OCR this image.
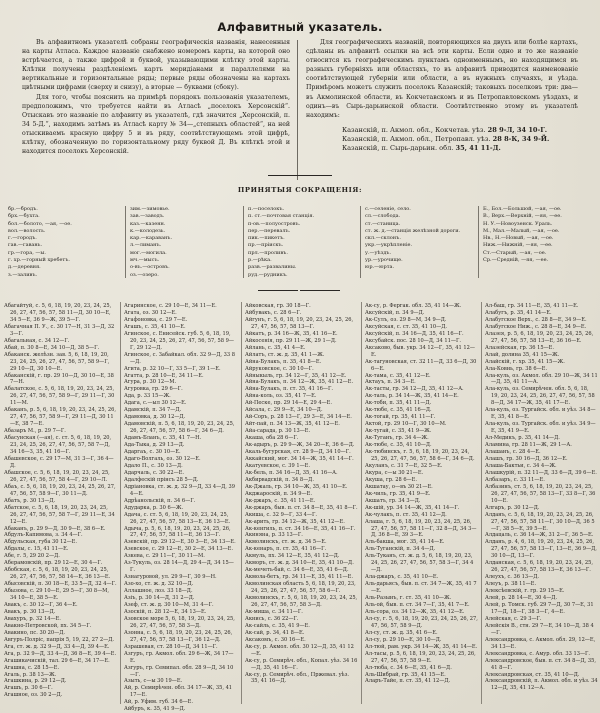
Алфавитный указатель.

Въ алфавитномъ указателѣ собраны географическія названія, нанесенныя на карты Атласа. Каждое названіе снабжено номеромъ карты, на которой оно встрѣчается, а также цифрой и буквой, указывающими клѣтку этой карты. Клѣтки получены раздѣленіемъ картъ меридіанами и параллелями на вертикальные и горизонтальные ряды; первые ряды обозначены на картахъ цвѣтными цифрами (сверху и снизу), а вторые — буквами (сбоку).

Для того, чтобы пояснить на примѣрѣ порядокъ пользованія указателемъ, предположимъ, что требуется найти въ Атласѣ „поселокъ Херсонскій“. Отыскавъ это названіе по алфавиту въ указателѣ, гдѣ значится „Херсонскій, п. 34 5-Д.“, находимъ затѣмъ въ Атласѣ карту № 34—„степныхъ областей“, на ней отыскиваемъ красную цифру 5 и въ ряду, соотвѣтствующемъ этой цифрѣ, клѣтку, обозначенную по горизонтальному ряду буквой Д. Въ клѣткѣ этой и находится поселокъ Херсонскій.

Для географическихъ названій, повторяющихся на двухъ или болѣе картахъ, сдѣланы въ алфавитѣ ссылки на всѣ эти карты. Если одно и то же названіе относится къ географическимъ пунктамъ одноименнымъ, но находящимся въ разныхъ губерніяхъ или областяхъ, то въ алфавитѣ приводится наименованіе соотвѣтствующей губерніи или области, а въ нужныхъ случаяхъ, и уѣзда. Примѣромъ можетъ служить поселокъ Казанскій; таковыхъ поселковъ три: два—въ Акмолинской области, въ Кокчетавскомъ и въ Петропавловскомъ уѣздахъ, и одинъ—въ Сырь-дарьинской области. Соотвѣтственно этому въ указателѣ находимъ:

Казанскій, п. Акмол. обл., Кокчетав. уѣз. 28 9-Л, 34 10-Г.
Казанскій, п. Акмол. обл., Петропавл. уѣз. 28 8-К, 34 9-Й.
Казанскій, п. Сырь-дарьин. обл. 35, 41 11-Д.
ПРИНЯТЫЯ СОКРАЩЕНІЯ:
бр.—бродъ.
брх.—бухта.
бол.—болото, —ая, —ое.
вол.—волость.
г.—городъ.
гав.—гавань.
гр.—гора, —ы.
г. хр.—горный хребетъ.
д.—деревня.
з.—заливъ.
зим.—зимовье.
зав.—заводъ.
каз.—казенн.
к.—колодезь.
кар.—караванъ.
л.—лиманъ.
мог.—могила.
мч.—мысъ.
о-въ.—островъ.
оз.—озеро.
п.—поселокъ.
п. ст.—почтовая станція.
п-ов.—полуостровъ.
пер.—перевалъ.
пик.—пикетъ.
пр.—пріискъ.
прл.—проливъ.
р.—рѣка.
разв.—развалины.
руд.—рудникъ.
с.—селеніе, село.
сл.—слобода.
ст.—станица.
ст. ж. д.—станція желѣзной дороги.
скл.—склонъ.
укр.—укрѣпленіе.
у.—уѣздъ.
ур.—урочище.
юр.—юрта.
Б., Бол.—Большой, —ая, —ое.
В., Верх.—Верхній, —яя, —ее.
Н. У.—Новоузенск. Ураль.
М., Мал.—Малый, —ая, —ое.
Нв., Н.—Новый, —ая, —ое.
Ниж.—Нижній, —яя, —ее.
Ст.—Старый, —ая, —ое.
Ср.—Средній, —яя, —ее.
Абагайтуй, с. 5, 6, 18, 19, 20, 23, 24, 25, 26, 27, 47, 56, 57, 58 11—Д, 30 10—Е, 34 5—Е, 36 9—Ж, 39 5—Г.
Абагачная П. У., с. 30 17—Н, 31 3—Д, 32 3—Г.
Абагальная, с. 34 12—Г.
Абай, п. 30 8—Е, 34 10—Д, 38 5—Г.
Абаканск. желѣзн. зав. 5, 6, 18, 19, 20, 23, 24, 25, 26, 27, 47, 56, 57, 58 9—Г, 29 10—Д, 30 10—Е.
Абаканскій, г. пр. 29 10—Д, 30 10—Е, 38 7—Н.
Абалатское, с. 5, 6, 18, 19, 20, 23, 24, 25, 26, 27, 47, 56, 57, 58 9—Г, 29 11—Г, 30 11—М.
Абаканъ, р. 5, 6, 18, 19, 20, 23, 24, 25, 26, 27, 47, 56, 57, 58 9—Г, 29 11—Д, 30 11—Е, 38 7—Е.
Абазаръ М., р. 29 7—Г.
Абасунская (—ая), с. ст. 5, 6, 18, 19, 20, 23, 24, 25, 26, 27, 47, 56, 57, 58 7—Д, 34 16—З, 35, 41 16—Г.
Абашевское, с. 29 17—М, 31 3—Г, 36 4—Д.
Абашское, с. 5, 6, 18, 19, 20, 23, 24, 25, 26, 27, 47, 56, 57, 58 4—Г, 29 10—Л.
Абаъ, с. 5, 6, 18, 19, 20, 23, 24, 25, 26, 27, 47, 56, 57, 58 9—Г, 30 11—Д.
Абатъ, р. 30 13—Д.
Абатское, с. 5, 6, 18, 19, 20, 23, 24, 25, 26, 27, 47, 56, 57, 58 7—Г, 29 11—Е, 34 12—Е.
Абаканъ, р. 29 9—Д, 30 9—Е, 38 6—Е.
Абдулъ-Капимова, з. 34 4—Г.
Абдульская, губа 30 12—Е.
Абдалы, с. 15, 41 11—Е.
Абе, г. 5, 29 20 2—Д.
Аберамовскій, пр. 29 12—Е, 30 4—Г.
Абобская, с. 5, 6, 18, 19, 20, 23, 24, 25, 26, 27, 47, 56, 57, 58 14—Е, 36 13—Е.
Абысовскій, п. 30 18—Е, 33 5—Д, 32 4—Г.
Абызова, с. 29 10—Е, 29 5—Г, 30 8—М, 34 10—Е, 38 5—Е.
Авакъ, с. 30 12—Г, 36 4—Е.
Авакъ, р. 30 13—Д.
Авахуръ, р. 32 14—Е.
Авакно-Петровской, пх. 34 5—Г.
Авакино, пс. 30 20—Д.
Авгуръ-Полріс, папрія 5, 19, 22, 27 2—Д.
Ага, ст. ж. д. 32 9—Д, 33 4—Д, 39 4—Е.
Ага, р. 32 9—Д, 33 4—Д, 36 8—Е, 39 4—Е.
Агашикачискій, тал. 29 6—Е, 34 17—Е.
Агашна, с. 28 15—Е.
Агаль, р. 38 13—Ж.
Агашкина, р. 29 12—Д.
Агашъ, р. 30 6—Г.
Агашное, оз. 30 2—Д.
Агаринское, с. 29 10—Е, 34 11—Е.
Агата, оз. 30 12—Е.
Агафоновка, с. 29 7—Е.
Агашъ, с. 35, 41 10—Е.
Агинское, с. Енисейск. губ. 5, 6, 18, 19, 20, 23, 24, 25, 26, 27, 47, 56, 57, 58 9—Г, 29 12—Д.
Агинское, с. Забайкал. обл. 32 9—Д, 33 8—Д.
Агита, р. 32 10—Г, 33 5—Г, 39 1—Е.
Агатта, р. 28 10—Е, 34 11—Е.
Агура, р. 30 12—М.
Агуровка, гр. 29 6—Г.
Ада, р. 33 15—Ж.
Адага, с.—ыл 30 12—Е.
Адамскій, п. 34 7—Д.
Адамовка, д. 30 12—Д.
Адамовскій, п. 5, 6, 18, 19, 20, 23, 24, 25, 26, 27, 47, 56, 57, 58 6—Г, 34 6—Д.
Адамъ-Бланъ, с. 35, 41 7—Н.
Ада-Тыка, д. 29 13—Д.
Адаргаъ, с. 30 10—Е.
Адаго-Волгаль, оз. 30 12—Е.
Адало П., с. 30 13—Д.
Адарчаль, с. 30 22—Е.
Адалфескій прінсъ 28 5—Д.
Адріановка, ст. ж. д. 32 9—Д, 33 4—Д, 39 4—Е.
Адрѣанольскій, п. 34 6—Г.
Адударка, р. 30 6—Ж.
Адача, с. ст. 5, 6, 18, 19, 20, 23, 24, 25, 26, 27, 47, 56, 57, 58 13—Е, 36 13—Е.
Адыча, р. 5, 6, 18, 19, 20, 23, 24, 25, 26, 27, 47, 56, 57, 58 11—Е, 36 13—Г.
Азевскій, пр. 29 12—Е, 30 3—Е, 34 13—Е.
Азевское, с. 29 12—Е, 30 2—Е, 34 13—Е.
Азкева, с. 29 11—Г, 30 11—М.
Аз-Тукуль, оз. 28 14—Д, 29 4—Д, 34 15—Г.
Азнагуровой, ул. 29 9—Г, 30 9—Н.
Азо-хо, ст. ж. д. 32 10—Д.
Аллашное, лоз. 33 18—Д.
Азіъ, р. 30 14—Д, 31 2—Д.
Азеф, ст. ж. д. 30 10—М, 31 4—Г.
Азоскій, п. 28 12—Е, 34 13—Е.
Азовское море 5, 6, 18, 19, 20, 23, 24, 25, 26, 27, 47, 56, 57, 58 3—Д.
Азонна, с. 5, 6, 18, 19, 20, 23, 24, 25, 26, 27, 47, 56, 57, 58 13—Г, 36 12—Д.
Азрашевая, ст. 28 10—Д, 34 11—Г.
Азгуръ, гр. Акмол. обл. 29 6—Ж, 34 17—Е.
Азгуръ, гр. Семипал. обл. 28 9—Д, 34 10—Г.
Азыть, с—ы 30 19—Е.
Ай, р. Семирѣчен. обл. 34 17—Ж, 35, 41 17—Е.
Ай, р. Уфим. губ. 34 6—Е.
Айбуръ, к. 35, 41 9—Д.
Айковская, гр. 30 18—Г.
Айбувакъ, с. 28 6—Г.
Айгунъ, г. 5, 6, 18, 19, 20, 23, 24, 25, 26, 27, 47, 56, 57, 58 13—Г.
Айкатъ, р. 34 16—Ж, 35, 41 16—Е.
Айкосенія, пр. 29 11—Ж, 29 1—Д.
Айлань, с. 35, 41 4—Е.
Айлатъ, ст. ж. д. 35, 41 1—Ж.
Айна-Булакъ, п. 35, 41 8—Е.
Айруковское, с. 30 10—Г.
Айныкыль, гр. 34 12—Г, 35, 41 12—Е.
Айна-Булакъ, п. 34 12—Ж, 35, 41 12—Е.
Айна-Булакъ, п. ст. 35, 41 16—Г.
Айна-коль, оз. 35, 41 7—Е.
Ай-Песке, пр. 29 14—Е, 29 4—Е.
Айсала, с. 29 9—Е, 34 10—Д.
Ай-Соръ, р. 28 13—Г, 29 3—Е, 34 14—Е.
Айт-пай, п. 34 13—Ж, 35, 41 12—Е.
Айа-сарада, р. 30 13—Е.
Акаша, оба 28 6—Г.
Ак-адыръ, р. 29 9—Ж, 34 20—Е, 36 6—Д.
Акаль-бугурская, ст. 28 9—Д, 34 10—Г.
Аккайский, мог. 34 14—Ж, 35, 41 14—Г.
Акатуевское, с. 39 1—Е.
Ак-бель, п. 34 16—Д, 35, 41 16—А.
Акбирвадскій, п. 34 8—Д.
Ак-Джаль, гр. 34 10—Ж, 35, 41 10—Е.
Акджароскій, п. 34 9—Е.
Ак-джаръ, с. 35, 41 11—Е.
Ак-джаръ, быв. п. ст. 34 8—Е, 35, 41 8—Г.
Акиша, с. 32 9—Г, 33 4—Г.
Ак-арить, гр. 34 12—Ж, 35, 41 12—Е.
Ак-кенгиль, п. ст. 34 16—Е, 35, 41 16—Г.
Акиняна, р. 33 13—Г.
Акмолинскъ, ст. ж. д. 34 5—Е.
Ак-кенаръ, п. ст. 35, 41 16—Г.
Акмуль, пх. 34 12—Е, 35, 41 12—Д.
Акморъ, ст. ж. д. 34 10—Е, 35, 41 10—Д.
Ак-мечеть-бай, с. 34 6—Е, 35, 41 6—Д.
Акмола-бетъ, гр. 34 11—Е, 35, 41 11—Е.
Акмолинская область 5, 6, 18, 19, 20, 23, 24, 25, 26, 27, 47, 56, 57, 58 6—Г.
Акмолинскъ, г. 5, 6, 18, 19, 20, 23, 24, 25, 26, 27, 47, 56, 57, 58 3—Д.
Ак-миша, с. 34 11—Г.
Акнись, с. 36 22—Г.
Ак-сайль, с. 35, 41 9—Е.
Ак-сай, р. 34, 41 8—Е.
Аксакомъ, с. 30 16—Е.
Ак-су, р. Акмол. обл. 30 12—Д, 35, 41 12—Е.
Ак-су, р. Семирѣч. обл., Копал. уѣз. 34 16—Д, 35, 41 16—Г.
Ак-су, р. Семирѣч. обл., Пржевал. уѣз. 35, 41 16—Д.
Ак-су, р. Фергак. обл. 35, 41 14—Ж.
Аксуйскій, п. 34 9—Д.
Ак-Сулъ, оз. 29 8—М, 34 9—Д.
Аксуйская, с. ст. 35, 41 10—Д.
Аксуйскій, п. 34 16—Д, 35, 41 16—Г.
Аксубайск. пос. 28 10—Д, 34 11—Г.
Аксаково, быв. укр. 34 12—Г, 35, 41 12—Е.
Ак-тагуновская, ст. 32 11—Д, 33 6—Д, 30 6—Е.
Ак-тама, с. 35, 41 12—Е.
Актауъ, п. 34 3—Е.
Ак-тасты, гр. 34 12—Д, 35, 41 12—А.
Ак-таль, р. 34 14—Ж, 35, 41 14—Е.
Ак-тоби, п. 35, 41 11—Д.
Ак-тюбе, с. 35, 41 16—Д.
Ак-тогай, гр. 35, 41 11—Г.
Актой, гр. 29 10—Г, 30 10—М.
Ак-тугай, с. 35, 41 9—Ж.
Ак-Туганъ, гр. 34 4—Ж.
Ак-тюбе, с. 35, 41 10—Д.
Ак-тюбинскъ, г. 5, 6, 18, 19, 20, 23, 24, 25, 26, 27, 47, 56, 57, 58 6—Г, 34 6—Д.
Акуланъ, с. 31 7—Е, 32 5—Е.
Акура, с—ы 30 21—Е.
Акуша, гр. 28 6—Е.
Акшатау, о—въ 30 21—Е.
Ак-чиль, гр. 35, 41 9—Е.
Акшатъ, гр. 34 3—Д.
Ак-шій, ур. 34 14—Ж, 35, 41 14—Г.
Ак-чулакъ, п. ст. 35, 41 12—Д.
Алаша, г. 5, 6, 18, 19, 20, 23, 24, 25, 26, 27, 47, 56, 57, 58 11—Г, 32 8—Д, 34 3—Д, 36 8—Е, 39 3—Е.
Аль-бакша, мог. 35, 41 14—Е.
Аль-Туганскій, п. 34 4—Д.
Аль-Туканъ, ст. ж. д. 5, 6, 18, 19, 20, 23, 24, 25, 26, 27, 47, 56, 57, 58 3—Г, 34 4—Д.
Ала-джаръ, с. 35, 41 10—Е.
Аль-дарьясъ, быв. п. ст. 34 7—Ж, 35, 41 7—Е.
Аль-Разынъ, г. ст. 35, 41 10—Ж.
Аль-ой, быв. п. ст. 34 7—Г, 35, 41 7—Е.
Аль-сора, оз. 34 12—Ж, 35, 41 12—Е.
Ал-су, г. 5, 6, 18, 19, 20, 23, 24, 25, 26, 27, 47, 56, 57, 58 9—Д.
Ал-су, ст. ж. д. 35, 41 6—Е.
Ал-су, р. 29 10—Е, 30 10—Д.
Ал-тюй, рам. укр. 34 14—Ж, 35, 41 14—Е.
Ал-тасы, р. 5, 6, 18, 19, 20, 23, 24, 25, 26, 27, 47, 56, 57, 58 9—Е.
Ал-тюба, с. 34 6—Е, 35, 41 6—Д.
Аль-Шибрай, гр. 35, 41 15—Е.
Аларъ-Тайе, п. ст. 35, 41 12—Д.
Ал-баш, гр. 34 11—Е, 35, 41 11—Е.
Алабугъ, р. 35, 41 14—Е.
Алабугское Верх., с. 28 8—Е, 34 9—Е.
Алабугское Ниж., с. 28 8—Е, 34 9—Е.
Алазея, р. 5, 6, 18, 19, 20, 23, 24, 25, 26, 27, 47, 56, 57, 58 13—Е, 36 16—Е.
Алазейская, гр. 36 15—Е.
Алай, долина 35, 41 15—Ж.
Алайскій, г. хр. 35, 41 15—Ж.
Ала-Ковнь, гр. 38 6—Е.
Ала-куль, оз. Акмол. обл. 29 10—Ж, 34 11—Д, 35, 41 11—А.
Ала-куль, оз. Семирѣчен. обл. 5, 6, 18, 19, 20, 23, 24, 25, 26, 27, 47, 56, 57, 58 8—Д, 34 17—Ж, 35, 41 17—Е.
Ала-куль, оз. Тургайск. обл. и уѣз. 34 8—Е, 35, 41 8—Е.
Ала-куль, оз. Тургайск. обл. и уѣз. 34 9—Е, 35, 41 9—Е.
Ал-Медикъ, р. 35, 41 14—Д.
Аламина, гр. 28 11—Ж, 29 1—А.
Алашанъ, с. 28 4—Е.
Алашъ, гр. 30 16—Д, 36 12—Е.
Алаша-Бактьи, с. 34 4—Ж.
Алашкурій, п. 32 11—Д, 33 6—Д, 39 6—Е.
Албазаръ, с. 33 11—Е.
Албазинъ, ст. 5, 6, 18, 19, 20, 23, 24, 25, 26, 27, 47, 56, 57, 58 13—Г, 33 8—Г, 36 10—Е.
Алгаръ, р. 30 12—Д.
Алданъ, с. 5, 6, 18, 19, 20, 23, 24, 25, 26, 27, 47, 56, 57, 58 11—Г, 30 10—Д, 36 5—Г, 38 5—Е, 39 5—Е.
Алдацаль, с. 36 14—Ж, 31 2—Г, 36 5—Е.
Алданъ, р. 4, 6, 18, 19, 20, 23, 24, 25, 26, 27, 47, 56, 57, 58 13—Г, 13—Е, 36 9—Д, 30 10—Д, 13—Г.
Алданская, с. 5, 6, 18, 19, 20, 23, 24, 25, 26, 27, 47, 56, 57, 58 13—Е, 36 13—Г.
Алеухъ, с. 36 13—Д.
Алеуъ, р. 38 11—Е.
Алексѣевскій, г. гр. 29 15—Е.
Алей, р. 28 14—Е, 30 4—Д.
Алей, р. Томск. губ. 29 7—Д, 30 7—Е, 31 17—Д, 18—Г, 38 3—Г, 4—Е.
Алейская, с. 29 3—Г.
Алейскія В., стн. 29 7—Е, 34 10—Д, 38 4—Г.
Александровка, с. Акмол. обл. 29, 12—Е, 34 13—Е.
Александровка, с. Амур. обл. 33 13—Г.
Александровское, быв. п. ст. 34 8—Д, 35, 41 8—Г.
Александровская, ст. 35, 41 10—Д.
Александровскій, п. Акмол. обл. и уѣз. 34 12—Д, 35, 41 12—А.
